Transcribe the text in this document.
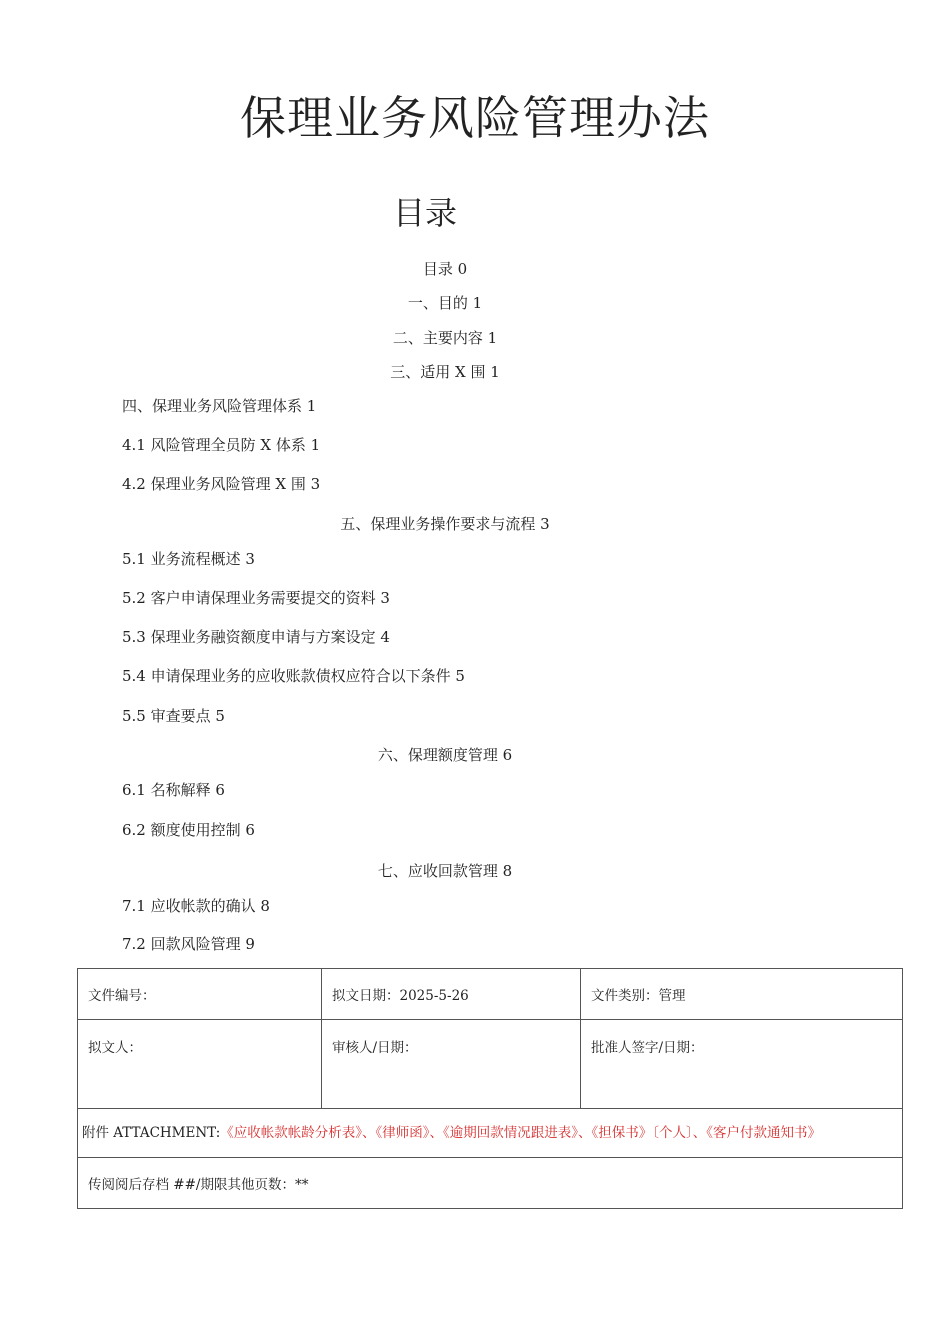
保理业务风险管理办法
目录
目录 0
一、目的 1
二、主要内容 1
三、适用 X 围 1
四、保理业务风险管理体系 1
4.1 风险管理全员防 X 体系 1
4.2 保理业务风险管理 X 围 3
五、保理业务操作要求与流程 3
5.1 业务流程概述 3
5.2 客户申请保理业务需要提交的资料 3
5.3 保理业务融资额度申请与方案设定 4
5.4 申请保理业务的应收账款债权应符合以下条件 5
5.5 审查要点 5
六、保理额度管理 6
6.1 名称解释 6
6.2 额度使用控制 6
七、应收回款管理 8
7.1 应收帐款的确认 8
7.2 回款风险管理 9
文件编号：	拟文日期：2025-5-26	文件类别：管理
拟文人：	审核人/日期：	批准人签字/日期：
附件 ATTACHMENT:《应收帐款帐龄分析表》、《律师函》、《逾期回款情况跟进表》、《担保书》〔个人〕、《客户付款通知书》		
传阅阅后存档 ##/期限其他页数：**		
